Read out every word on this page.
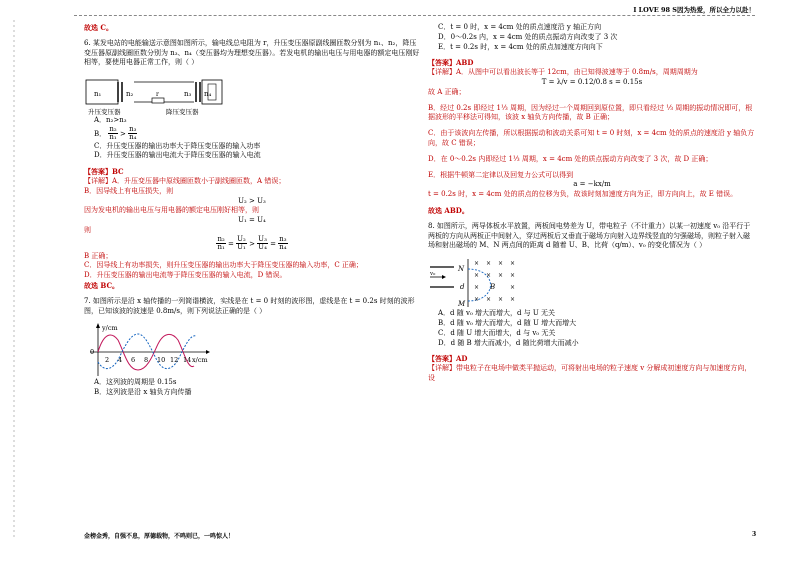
I LOVE 98 S因为热爱，所以全力以赴！
故选 C。
6. 某发电站的电能输送示意图如图所示，输电线总电阻为 r，升压变压器原副线圈匝数分别为 n₁、n₂，降压变压器原副线圈匝数分别为 n₃、n₄（变压器均为理想变压器）。若发电机的输出电压与用电器的额定电压刚好相等，要使用电器正常工作，则（ ）
n₁	n₂	r	n₃ n₄
升压变压器	降压变压器
A．n₂>n₃
B． $\frac{\text{n₂}}{\text{n₁}} > \frac{\text{n₃}}{\text{n₄}}$
C．升压变压器的输出功率大于降压变压器的输入功率
D．升压变压器的输出电流大于降压变压器的输入电流
【答案】BC
【详解】A．升压变压器中原线圈匝数小于副线圈匝数，A 错误；
B．因导线上有电压损失，则
U₂ > U₃
因为发电机的输出电压与用电器的额定电压刚好相等，则
U₁ = U₄
则
$\frac{\text{n₂}}{\text{n₁}} = \frac{\text{U₂}}{\text{U₁}} > \frac{\text{U₃}}{\text{U₄}} = \frac{\text{n₃}}{\text{n₄}}$
B 正确；
C．因导线上有功率损失，则升压变压器的输出功率大于降压变压器的输入功率，C 正确；
D．升压变压器的输出电流等于降压变压器的输入电流，D 错误。
故选 BC。
7. 如图所示是沿 x 轴传播的一列简谐横波，实线是在 t = 0 时刻的波形图，虚线是在 t = 0.2s 时刻的波形图，已知该波的波速是 0.8m/s，则下列说法正确的是（ ）
y/cm
x/cm
0
2 4 6 8 10 12 14
A．这列波的周期是 0.15s
B．这列波是沿 x 轴负方向传播
C．t = 0 时，x = 4cm 处的质点速度沿 y 轴正方向
D．0～0.2s 内，x = 4cm 处的质点振动方向改变了 3 次
E．t = 0.2s 时，x = 4cm 处的质点加速度方向向下
【答案】ABD
【详解】A．从图中可以看出波长等于 12cm，由已知得波速等于 0.8m/s，周期周期为
T = λ/v = 0.12/0.8 s = 0.15s
故 A 正确；
B．经过 0.2s 即经过 1⅓ 周期，因为经过一个周期回到原位置，即只看经过 ⅓ 周期的振动情况即可，根据波形的平移法可得知，该波 x 轴负方向传播，故 B 正确；
C．由于该波向左传播，所以根据振动和波动关系可知 t = 0 时刻，x = 4cm 处的质点的速度沿 y 轴负方向，故 C 错误；
D．在 0～0.2s 内即经过 1⅓ 周期，x = 4cm 处的质点振动方向改变了 3 次，故 D 正确；
E．根据牛顿第二定律以及回复力公式可以得到
a = −kx/m
t = 0.2s 时，x = 4cm 处的质点的位移为负，故该时刻加速度方向为正，即方向向上，故 E 错误。
故选 ABD。
8. 如图所示，两导体板水平放置，两板间电势差为 U，带电粒子（不计重力）以某一初速度 v₀ 沿平行于两板的方向从两板正中间射入，穿过两板后又垂直于磁场方向射入边界线竖直的匀强磁场，则粒子射入磁场和射出磁场的 M、N 两点间的距离 d 随着 U、B、比荷（q/m）、v₀ 的变化情况为（ ）
v₀
N
M
d	B
× × × ×
× × × ×
×	×
× × × ×
A．d 随 v₀ 增大而增大，d 与 U 无关
B．d 随 v₀ 增大而增大，d 随 U 增大而增大
C．d 随 U 增大而增大，d 与 v₀ 无关
D．d 随 B 增大而减小，d 随比荷增大而减小
【答案】AD
【详解】带电粒子在电场中做类平抛运动，可将射出电场的粒子速度 v 分解成初速度方向与加速度方向，设
金榜金秀，自强不息，厚德载物，不鸣则已，一鸣惊人！	3
